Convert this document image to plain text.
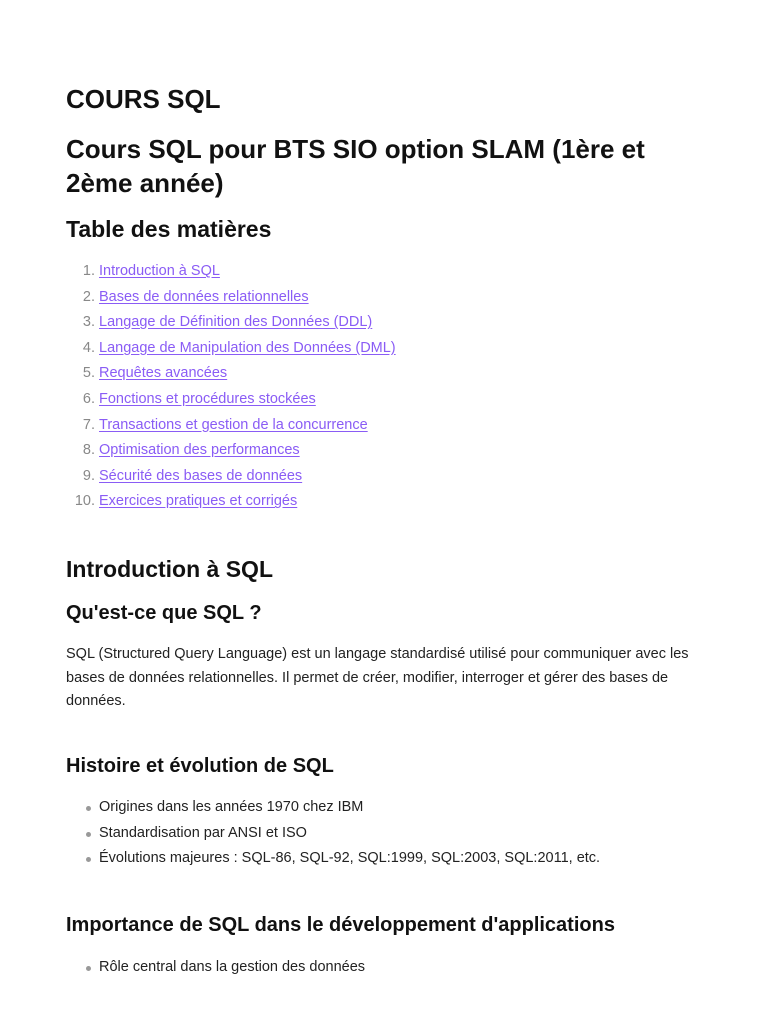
COURS SQL
Cours SQL pour BTS SIO option SLAM (1ère et 2ème année)
Table des matières
1. Introduction à SQL
2. Bases de données relationnelles
3. Langage de Définition des Données (DDL)
4. Langage de Manipulation des Données (DML)
5. Requêtes avancées
6. Fonctions et procédures stockées
7. Transactions et gestion de la concurrence
8. Optimisation des performances
9. Sécurité des bases de données
10. Exercices pratiques et corrigés
Introduction à SQL
Qu'est-ce que SQL ?

SQL (Structured Query Language) est un langage standardisé utilisé pour communiquer avec les bases de données relationnelles. Il permet de créer, modifier, interroger et gérer des bases de données.

Histoire et évolution de SQL
Origines dans les années 1970 chez IBM
Standardisation par ANSI et ISO
Évolutions majeures : SQL-86, SQL-92, SQL:1999, SQL:2003, SQL:2011, etc.
Importance de SQL dans le développement d'applications
Rôle central dans la gestion des données
